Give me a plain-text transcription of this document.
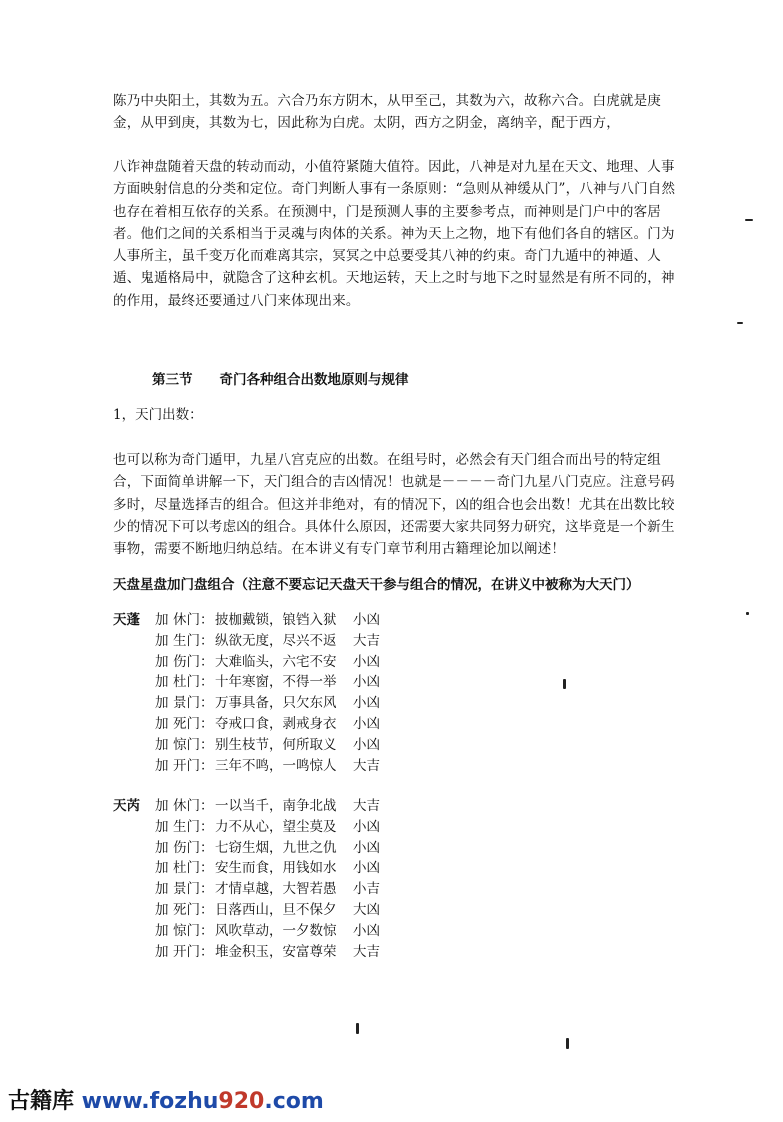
陈乃中央阳土，其数为五。六合乃东方阴木，从甲至己，其数为六，故称六合。白虎就是庚金，从甲到庚，其数为七，因此称为白虎。太阴，西方之阴金，离纳辛，配于西方，
八诈神盘随着天盘的转动而动，小值符紧随大值符。因此，八神是对九星在天文、地理、人事方面映射信息的分类和定位。奇门判断人事有一条原则：“急则从神缓从门”，八神与八门自然也存在着相互依存的关系。在预测中，门是预测人事的主要参考点，而神则是门户中的客居者。他们之间的关系相当于灵魂与肉体的关系。神为天上之物，地下有他们各自的辖区。门为人事所主，虽千变万化而难离其宗，冥冥之中总要受其八神的约束。奇门九遁中的神遁、人遁、鬼遁格局中，就隐含了这种玄机。天地运转，天上之时与地下之时显然是有所不同的，神的作用，最终还要通过八门来体现出来。
第三节　　奇门各种组合出数地原则与规律
1，天门出数：
也可以称为奇门遁甲，九星八宫克应的出数。在组号时，必然会有天门组合而出号的特定组合，下面简单讲解一下，天门组合的吉凶情况！也就是－－－－奇门九星八门克应。注意号码多时，尽量选择吉的组合。但这并非绝对，有的情况下，凶的组合也会出数！尤其在出数比较少的情况下可以考虑凶的组合。具体什么原因，还需要大家共同努力研究，这毕竟是一个新生事物，需要不断地归纳总结。在本讲义有专门章节利用古籍理论加以阐述！
天盘星盘加门盘组合（注意不要忘记天盘天干参与组合的情况，在讲义中被称为大天门）
天蓬	加 休门： 披枷戴锁，锒铛入狱 小凶
加 生门： 纵欲无度，尽兴不返 大吉
加 伤门： 大难临头，六宅不安 小凶
加 杜门： 十年寒窗，不得一举 小凶
加 景门： 万事具备，只欠东风 小凶
加 死门： 夺戒口食，剥戒身衣 小凶
加 惊门： 别生枝节，何所取义 小凶
加 开门： 三年不鸣，一鸣惊人 大吉
天芮	加 休门： 一以当千，南争北战 大吉
加 生门： 力不从心，望尘莫及 小凶
加 伤门： 七窃生烟，九世之仇 小凶
加 杜门： 安生而食，用钱如水 小凶
加 景门： 才情卓越，大智若愚 小吉
加 死门： 日落西山，旦不保夕 大凶
加 惊门： 风吹草动，一夕数惊 小凶
加 开门： 堆金积玉，安富尊荣 大吉
古籍库 www.fozhu920.com
